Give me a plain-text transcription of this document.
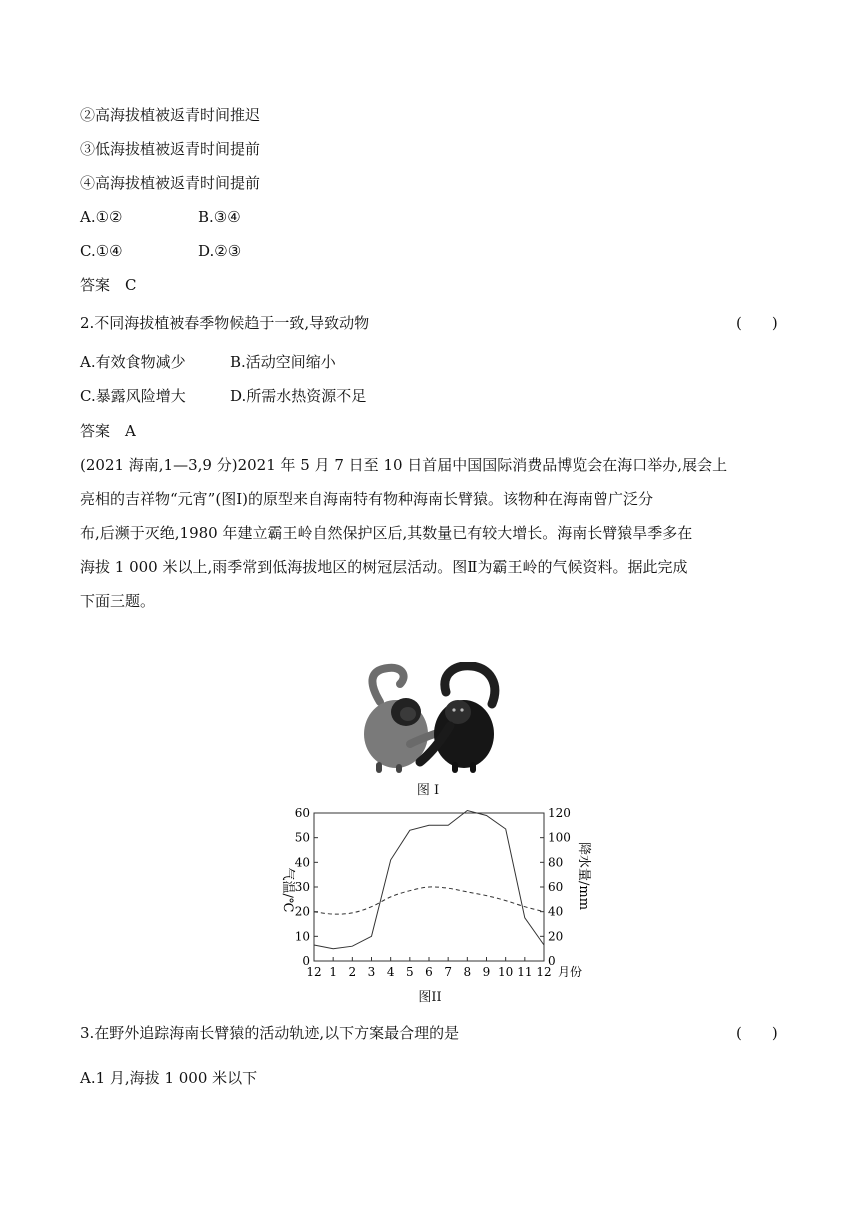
②高海拔植被返青时间推迟
③低海拔植被返青时间提前
④高海拔植被返青时间提前
A.①②	B.③④
C.①④	D.②③
答案　C
2.不同海拔植被春季物候趋于一致,导致动物	(　　)
A.有效食物减少	B.活动空间缩小
C.暴露风险增大	D.所需水热资源不足
答案　A
(2021 海南,1—3,9 分)2021 年 5 月 7 日至 10 日首届中国国际消费品博览会在海口举办,展会上
亮相的吉祥物“元宵”(图Ⅰ)的原型来自海南特有物种海南长臂猿。该物种在海南曾广泛分
布,后濒于灭绝,1980 年建立霸王岭自然保护区后,其数量已有较大增长。海南长臂猿旱季多在
海拔 1 000 米以上,雨季常到低海拔地区的树冠层活动。图Ⅱ为霸王岭的气候资料。据此完成
下面三题。
图 I
0
10
20
30
40
50
60
0
20
40
60
80
100
120
12 1 2 3 4 5 6 7 8 9 10 11 12
气温/℃	降水量/mm
月份
图II
3.在野外追踪海南长臂猿的活动轨迹,以下方案最合理的是	(　　)
A.1 月,海拔 1 000 米以下
